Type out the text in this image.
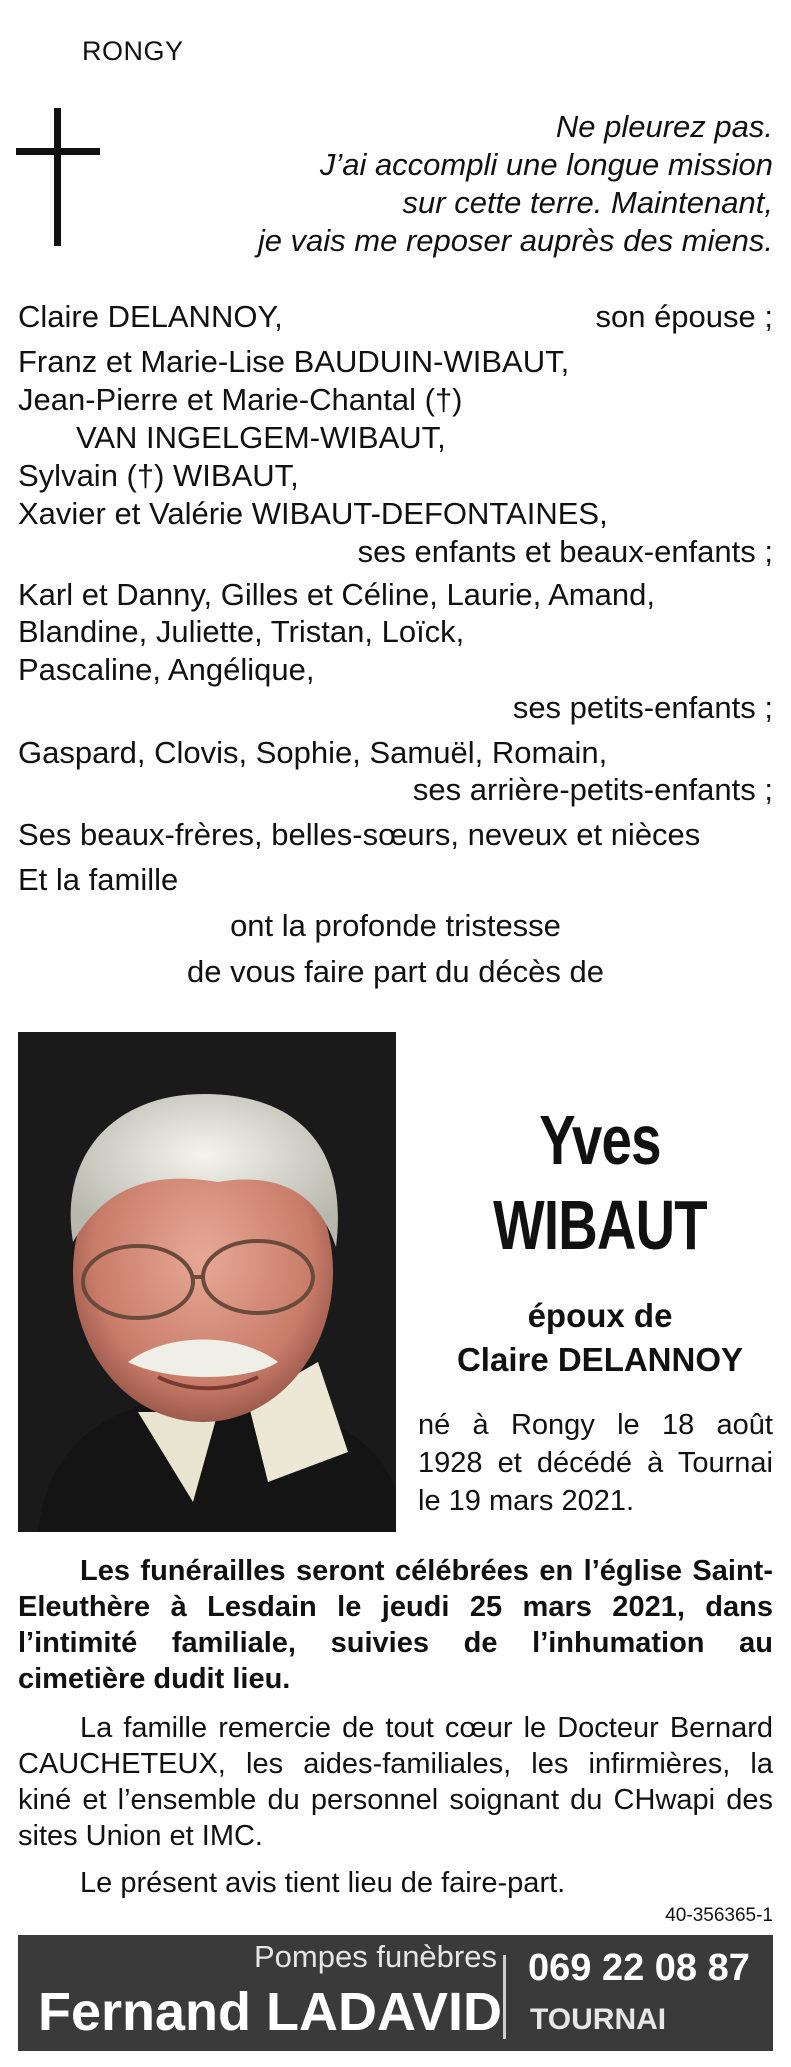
RONGY
Ne pleurez pas.
J’ai accompli une longue mission
sur cette terre. Maintenant,
je vais me reposer auprès des miens.
Claire DELANNOY,	son épouse ;
Franz et Marie-Lise BAUDUIN-WIBAUT,
Jean-Pierre et Marie-Chantal (†)
VAN INGELGEM-WIBAUT,
Sylvain (†) WIBAUT,
Xavier et Valérie WIBAUT-DEFONTAINES,
ses enfants et beaux-enfants ;
Karl et Danny, Gilles et Céline, Laurie, Amand,
Blandine, Juliette, Tristan, Loïck,
Pascaline, Angélique,
ses petits-enfants ;
Gaspard, Clovis, Sophie, Samuël, Romain,
ses arrière-petits-enfants ;
Ses beaux-frères, belles-sœurs, neveux et nièces
Et la famille
ont la profonde tristesse
de vous faire part du décès de
Yves
WIBAUT
époux de
Claire DELANNOY
né à Rongy le 18 août 1928 et décédé à Tournai le 19 mars 2021.
Les funérailles seront célébrées en l’église Saint-Eleuthère à Lesdain le jeudi 25 mars 2021, dans l’intimité familiale, suivies de l’inhumation au cimetière dudit lieu.
La famille remercie de tout cœur le Docteur Bernard CAUCHETEUX, les aides-familiales, les infirmières, la kiné et l’ensemble du personnel soignant du CHwapi des sites Union et IMC.
Le présent avis tient lieu de faire-part.
40-356365-1
Pompes funèbres
Fernand LADAVID
069 22 08 87
TOURNAI
